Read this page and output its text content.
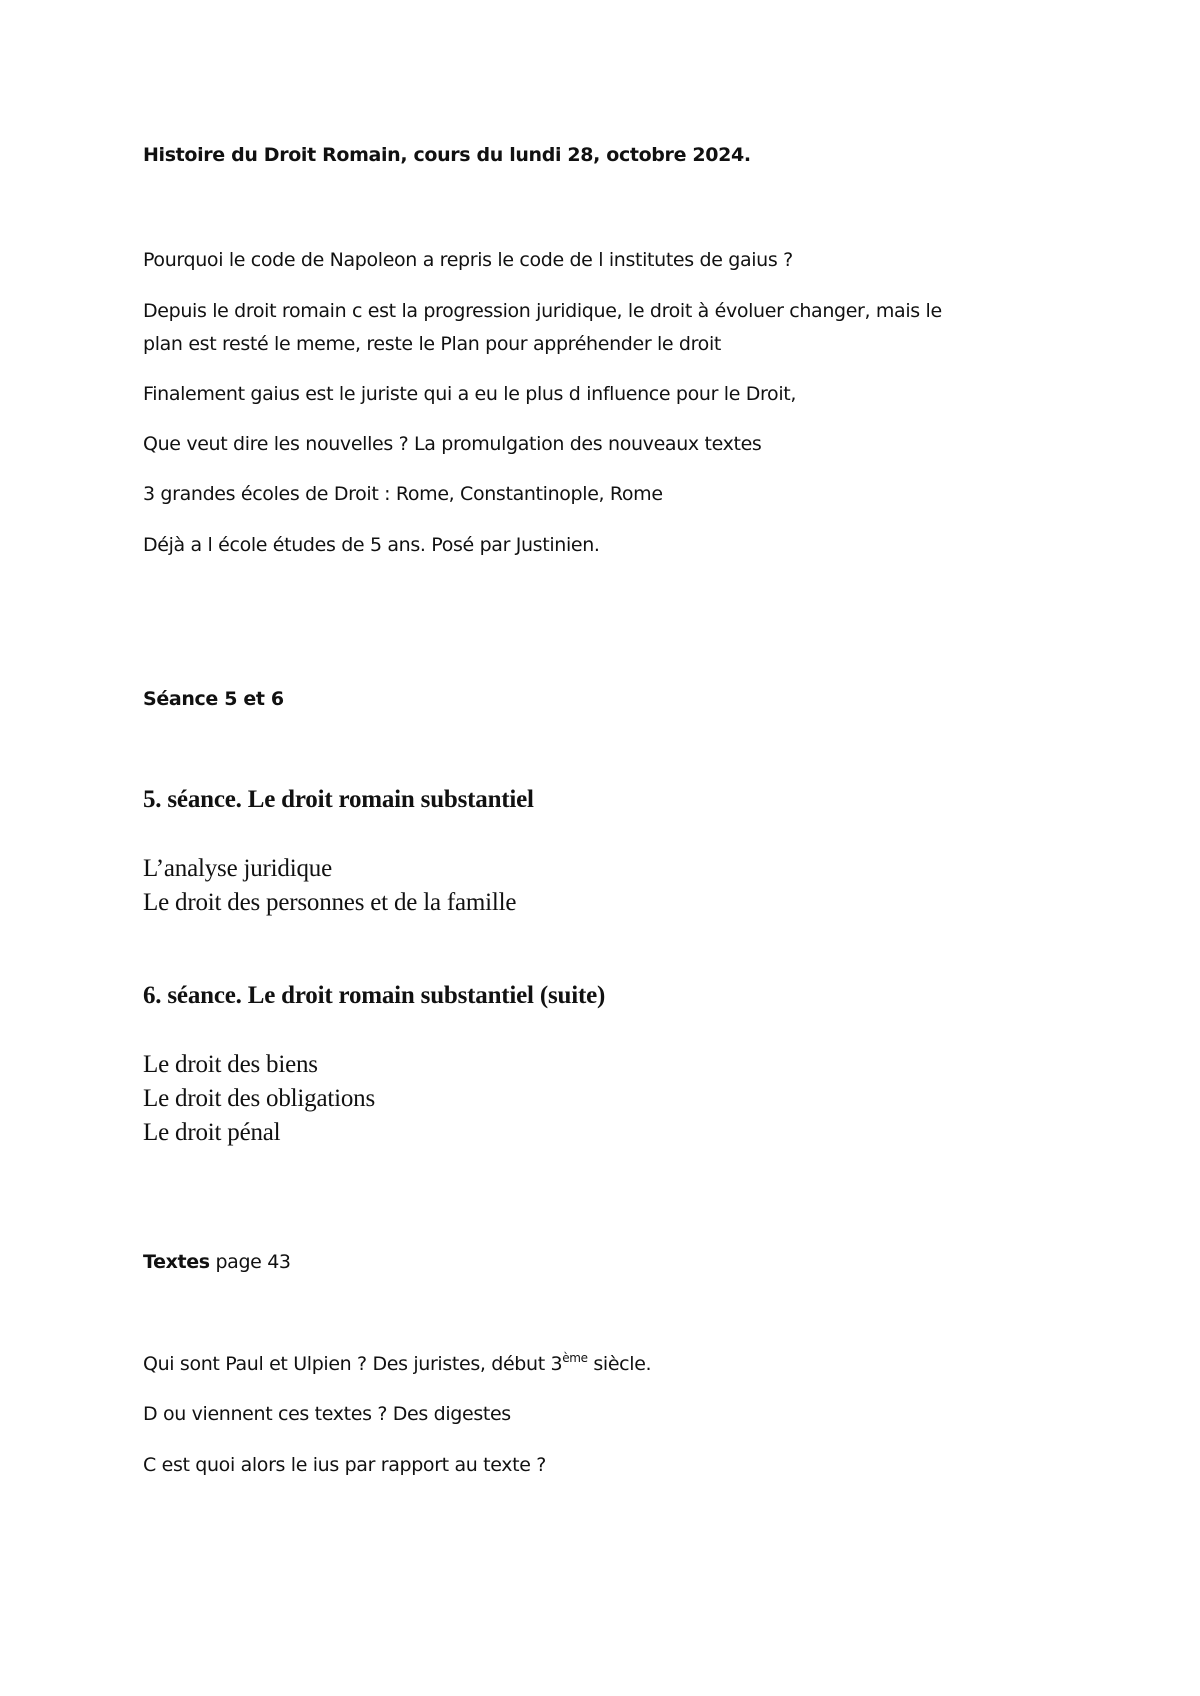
Histoire du Droit Romain, cours du lundi 28, octobre 2024.

Pourquoi le code de Napoleon a repris le code de l institutes de gaius ?

Depuis le droit romain c est la progression juridique, le droit à évoluer changer, mais le
plan est resté le meme, reste le Plan pour appréhender le droit

Finalement gaius est le juriste qui a eu le plus d influence pour le Droit,

Que veut dire les nouvelles ? La promulgation des nouveaux textes

3 grandes écoles de Droit : Rome, Constantinople, Rome

Déjà a l école études de 5 ans. Posé par Justinien.

Séance 5 et 6

5. séance. Le droit romain substantiel

L’analyse juridique
Le droit des personnes et de la famille

6. séance. Le droit romain substantiel (suite)

Le droit des biens
Le droit des obligations
Le droit pénal

Textes page 43

Qui sont Paul et Ulpien ? Des juristes, début 3ème siècle.

D ou viennent ces textes ? Des digestes

C est quoi alors le ius par rapport au texte ?
